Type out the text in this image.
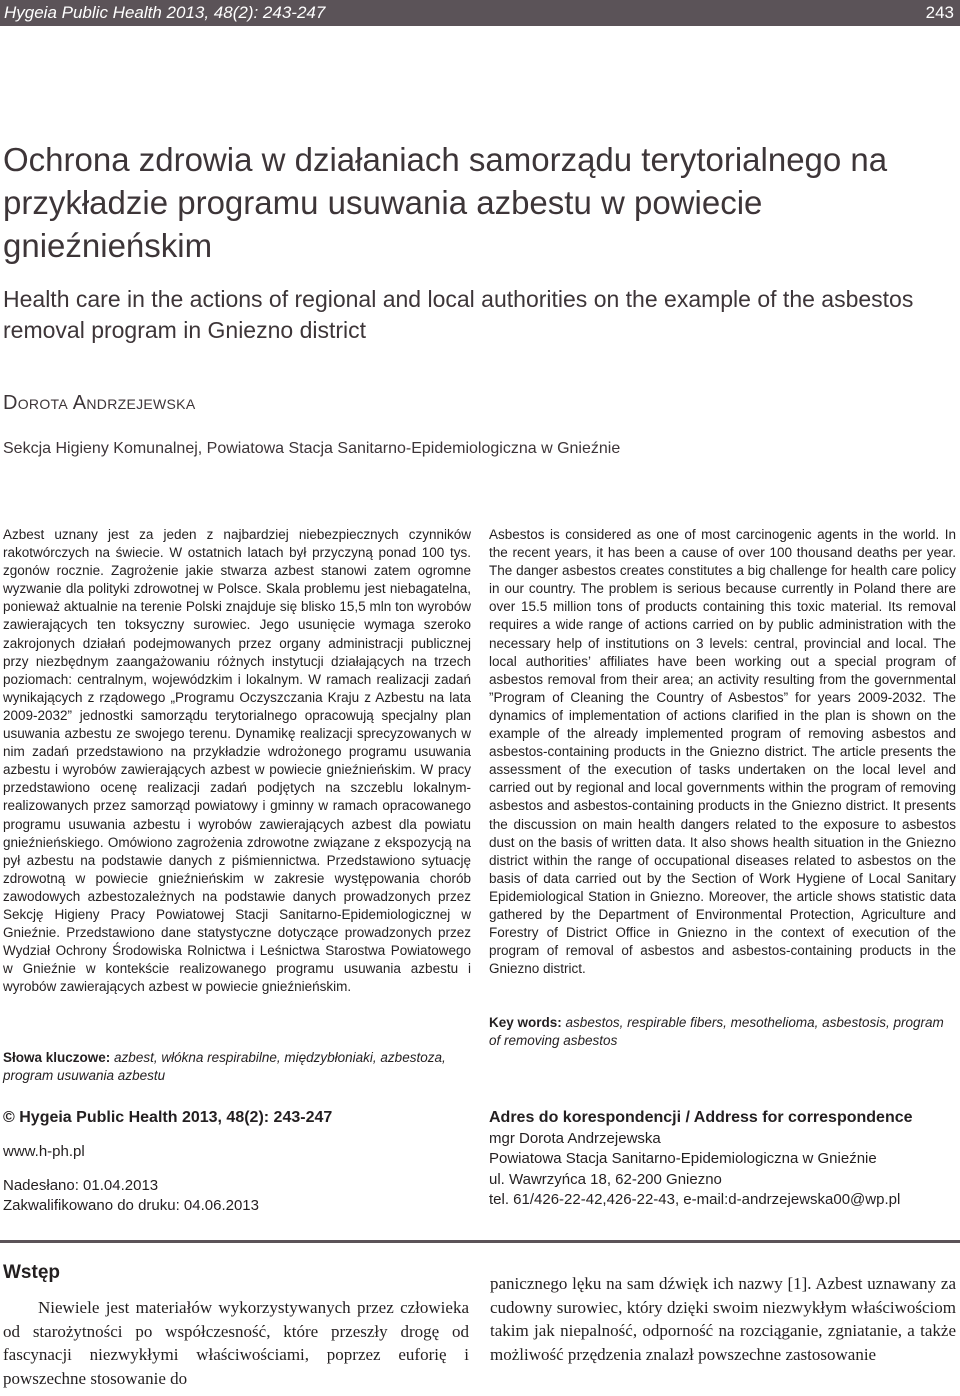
Hygeia Public Health 2013, 48(2): 243-247	243
Ochrona zdrowia w działaniach samorządu terytorialnego na przykładzie programu usuwania azbestu w powiecie gnieźnieńskim
Health care in the actions of regional and local authorities on the example of the asbestos removal program in Gniezno district
Dorota Andrzejewska
Sekcja Higieny Komunalnej, Powiatowa Stacja Sanitarno-Epidemiologiczna w Gnieźnie

Azbest uznany jest za jeden z najbardziej niebezpiecznych czynników rakotwórczych na świecie. W ostatnich latach był przyczyną ponad 100 tys. zgonów rocznie. Zagrożenie jakie stwarza azbest stanowi zatem ogromne wyzwanie dla polityki zdrowotnej w Polsce. Skala problemu jest niebagatelna, ponieważ aktualnie na terenie Polski znajduje się blisko 15,5 mln ton wyrobów zawierających ten toksyczny surowiec. Jego usunięcie wymaga szeroko zakrojonych działań podejmowanych przez organy administracji publicznej przy niezbędnym zaangażowaniu różnych instytucji działających na trzech poziomach: centralnym, wojewódzkim i lokalnym. W ramach realizacji zadań wynikających z rządowego „Programu Oczyszczania Kraju z Azbestu na lata 2009-2032” jednostki samorządu terytorialnego opracowują specjalny plan usuwania azbestu ze swojego terenu. Dynamikę realizacji sprecyzowanych w nim zadań przedstawiono na przykładzie wdrożonego programu usuwania azbestu i wyrobów zawierających azbest w powiecie gnieźnieńskim. W pracy przedstawiono ocenę realizacji zadań podjętych na szczeblu lokalnym-realizowanych przez samorząd powiatowy i gminny w ramach opracowanego programu usuwania azbestu i wyrobów zawierających azbest dla powiatu gnieźnieńskiego. Omówiono zagrożenia zdrowotne związane z ekspozycją na pył azbestu na podstawie danych z piśmiennictwa. Przedstawiono sytuację zdrowotną w powiecie gnieźnieńskim w zakresie występowania chorób zawodowych azbestozależnych na podstawie danych prowadzonych przez Sekcję Higieny Pracy Powiatowej Stacji Sanitarno-Epidemiologicznej w Gnieźnie. Przedstawiono dane statystyczne dotyczące prowadzonych przez Wydział Ochrony Środowiska Rolnictwa i Leśnictwa Starostwa Powiatowego w Gnieźnie w kontekście realizowanego programu usuwania azbestu i wyrobów zawierających azbest w powiecie gnieźnieńskim.

Słowa kluczowe: azbest, włókna respirabilne, międzybłoniaki, azbestoza, program usuwania azbestu

Asbestos is considered as one of most carcinogenic agents in the world. In the recent years, it has been a cause of over 100 thousand deaths per year. The danger asbestos creates constitutes a big challenge for health care policy in our country. The problem is serious because currently in Poland there are over 15.5 million tons of products containing this toxic material. Its removal requires a wide range of actions carried on by public administration with the necessary help of institutions on 3 levels: central, provincial and local. The local authorities’ affiliates have been working out a special program of asbestos removal from their area; an activity resulting from the governmental ”Program of Cleaning the Country of Asbestos” for years 2009-2032. The dynamics of implementation of actions clarified in the plan is shown on the example of the already implemented program of removing asbestos and asbestos-containing products in the Gniezno district. The article presents the assessment of the execution of tasks undertaken on the local level and carried out by regional and local governments within the program of removing asbestos and asbestos-containing products in the Gniezno district. It presents the discussion on main health dangers related to the exposure to asbestos dust on the basis of written data. It also shows health situation in the Gniezno district within the range of occupational diseases related to asbestos on the basis of data carried out by the Section of Work Hygiene of Local Sanitary Epidemiological Station in Gniezno. Moreover, the article shows statistic data gathered by the Department of Environmental Protection, Agriculture and Forestry of District Office in Gniezno in the context of execution of the program of removal of asbestos and asbestos-containing products in the Gniezno district.

Key words: asbestos, respirable fibers, mesothelioma, asbestosis, program of removing asbestos

© Hygeia Public Health 2013, 48(2): 243-247
www.h-ph.pl
Nadesłano: 01.04.2013
Zakwalifikowano do druku: 04.06.2013
Adres do korespondencji / Address for correspondence
mgr Dorota Andrzejewska
Powiatowa Stacja Sanitarno-Epidemiologiczna w Gnieźnie
ul. Wawrzyńca 18, 62-200 Gniezno
tel. 61/426-22-42,426-22-43, e-mail:d-andrzejewska00@wp.pl
Wstęp

Niewiele jest materiałów wykorzystywanych przez człowieka od starożytności po współczesność, które przeszły drogę od fascynacji niezwykłymi właściwościami, poprzez euforię i powszechne stosowanie do

panicznego lęku na sam dźwięk ich nazwy [1]. Azbest uznawany za cudowny surowiec, który dzięki swoim niezwykłym właściwościom takim jak niepalność, odporność na rozciąganie, zgniatanie, a także możliwość przędzenia znalazł powszechne zastosowanie
